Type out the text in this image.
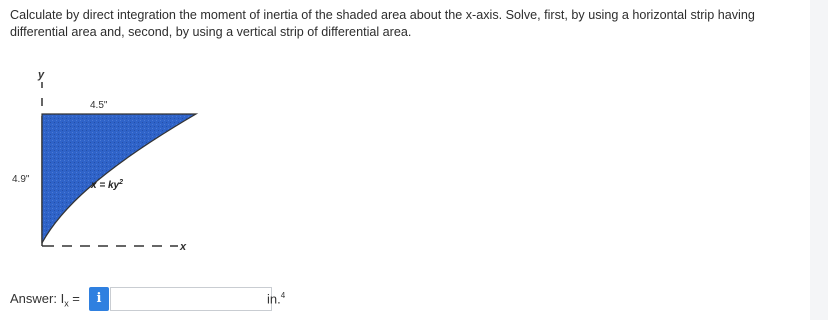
Calculate by direct integration the moment of inertia of the shaded area about the x-axis. Solve, first, by using a horizontal strip having differential area and, second, by using a vertical strip of differential area.

y
x
4.5"
4.9"
$x = ky^2$
Answer: $I_x$ =	i	in.$^4$
